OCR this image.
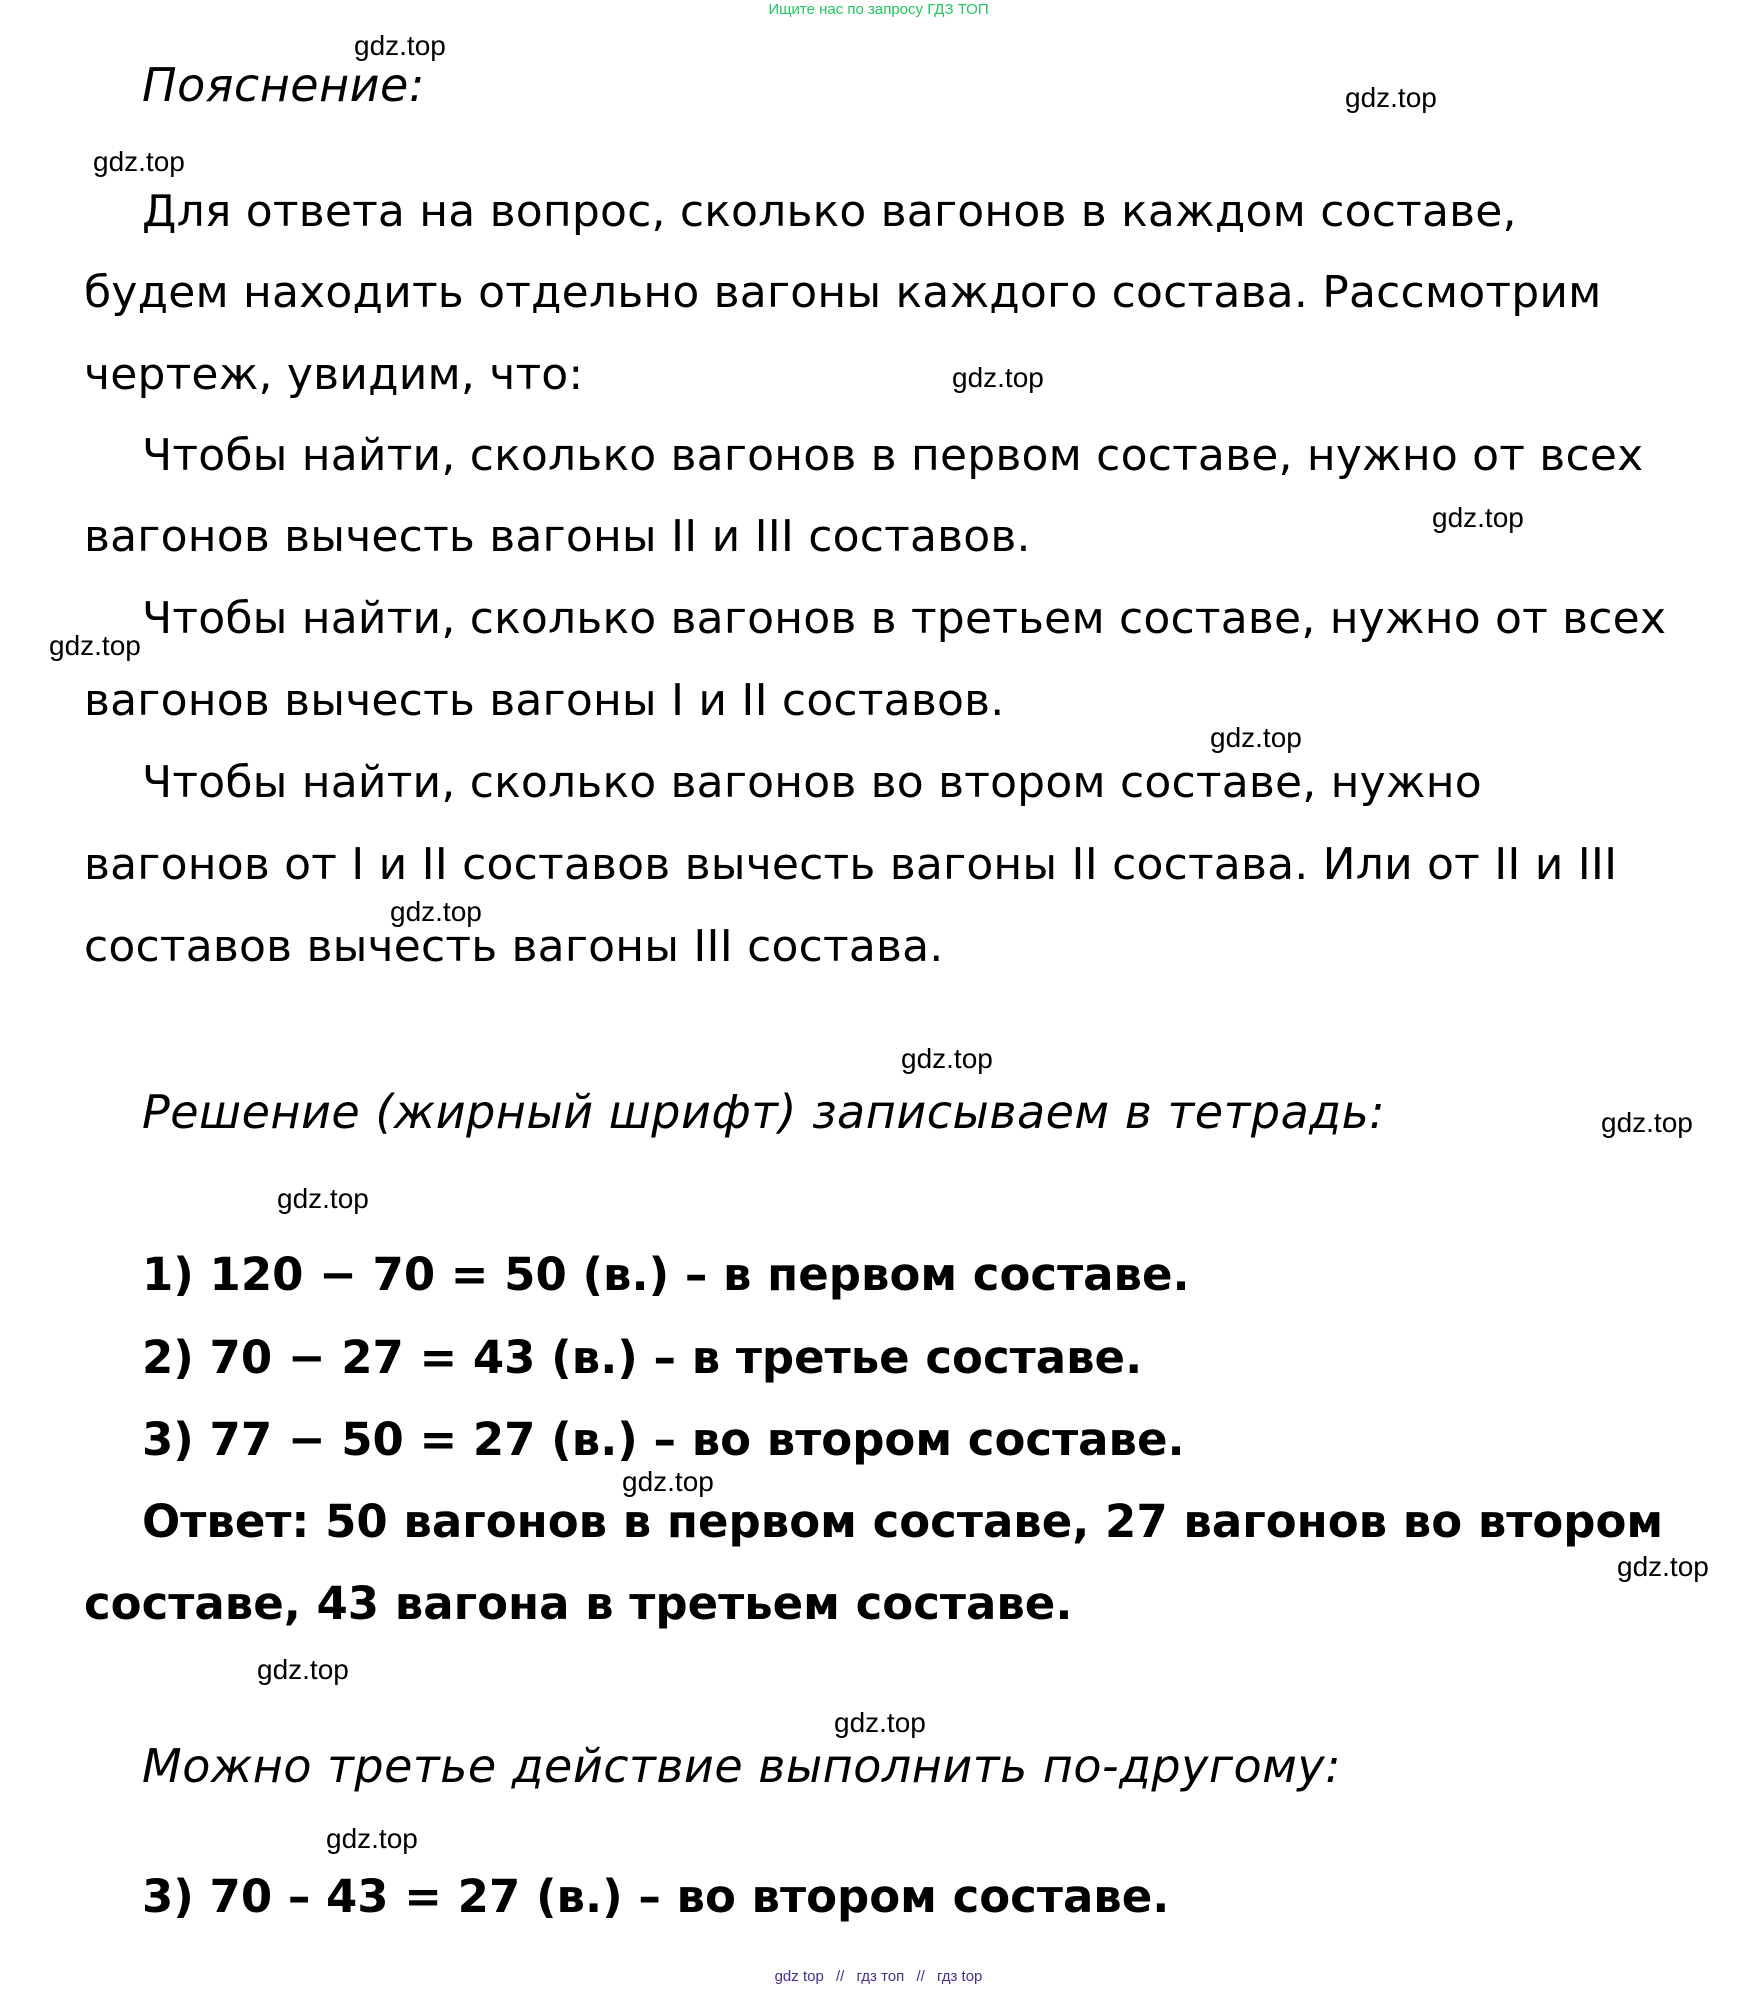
Ищите нас по запросу ГДЗ ТОП
Пояснение:
Для ответа на вопрос, сколько вагонов в каждом составе,
будем находить отдельно вагоны каждого состава. Рассмотрим
чертеж, увидим, что:
Чтобы найти, сколько вагонов в первом составе, нужно от всех
вагонов вычесть вагоны II и III составов.
Чтобы найти, сколько вагонов в третьем составе, нужно от всех
вагонов вычесть вагоны I и II составов.
Чтобы найти, сколько вагонов во втором составе, нужно
вагонов от I и II составов вычесть вагоны II состава. Или от II и III
составов вычесть вагоны III состава.
Решение (жирный шрифт) записываем в тетрадь:
1) 120 − 70 = 50 (в.) – в первом составе.
2) 70 − 27 = 43 (в.) – в третье составе.
3) 77 − 50 = 27 (в.) – во втором составе.
Ответ: 50 вагонов в первом составе, 27 вагонов во втором
составе, 43 вагона в третьем составе.
Можно третье действие выполнить по-другому:
3) 70 – 43 = 27 (в.) – во втором составе.
gdz.top
gdz.top
gdz.top
gdz.top
gdz.top
gdz.top
gdz.top
gdz.top
gdz.top
gdz.top
gdz.top
gdz.top
gdz.top
gdz.top
gdz.top
gdz.top
gdz top // гдз топ // гдз top
